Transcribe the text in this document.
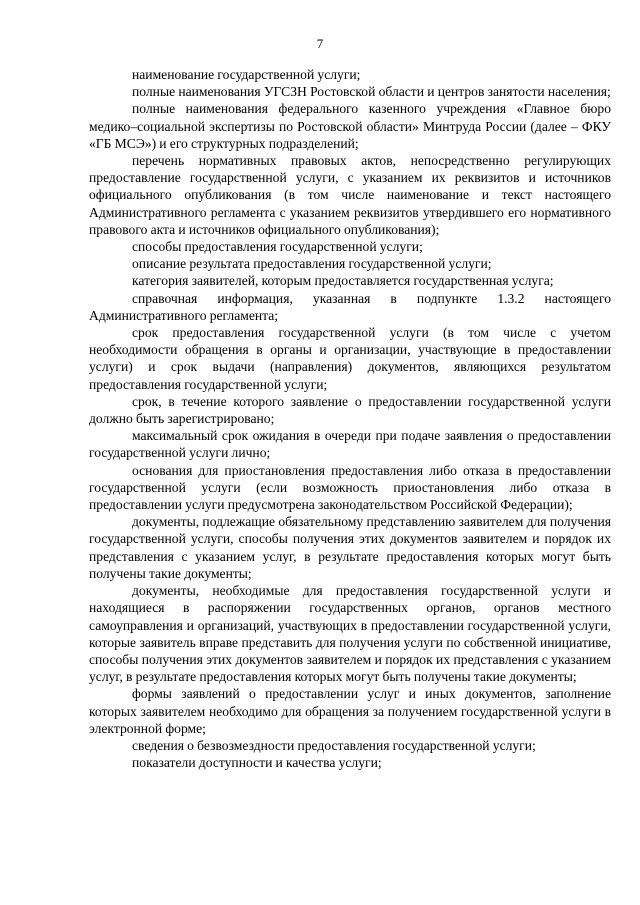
7

наименование государственной услуги;

полные наименования УГСЗН Ростовской области и центров занятости населения;

полные наименования федерального казенного учреждения «Главное бюро медико–социальной экспертизы по Ростовской области» Минтруда России (далее – ФКУ «ГБ МСЭ») и его структурных подразделений;

перечень нормативных правовых актов, непосредственно регулирующих предоставление государственной услуги, с указанием их реквизитов и источников официального опубликования (в том числе наименование и текст настоящего Административного регламента с указанием реквизитов утвердившего его нормативного правового акта и источников официального опубликования);

способы предоставления государственной услуги;

описание результата предоставления государственной услуги;

категория заявителей, которым предоставляется государственная услуга;

справочная информация, указанная в подпункте 1.3.2 настоящего Административного регламента;

срок предоставления государственной услуги (в том числе с учетом необходимости обращения в органы и организации, участвующие в предоставлении услуги) и срок выдачи (направления) документов, являющихся результатом предоставления государственной услуги;

срок, в течение которого заявление о предоставлении государственной услуги должно быть зарегистрировано;

максимальный срок ожидания в очереди при подаче заявления о предоставлении государственной услуги лично;

основания для приостановления предоставления либо отказа в предоставлении государственной услуги (если возможность приостановления либо отказа в предоставлении услуги предусмотрена законодательством Российской Федерации);

документы, подлежащие обязательному представлению заявителем для получения государственной услуги, способы получения этих документов заявителем и порядок их представления с указанием услуг, в результате предоставления которых могут быть получены такие документы;

документы, необходимые для предоставления государственной услуги и находящиеся в распоряжении государственных органов, органов местного самоуправления и организаций, участвующих в предоставлении государственной услуги, которые заявитель вправе представить для получения услуги по собственной инициативе, способы получения этих документов заявителем и порядок их представления с указанием услуг, в результате предоставления которых могут быть получены такие документы;

формы заявлений о предоставлении услуг и иных документов, заполнение которых заявителем необходимо для обращения за получением государственной услуги в электронной форме;

сведения о безвозмездности предоставления государственной услуги;

показатели доступности и качества услуги;
